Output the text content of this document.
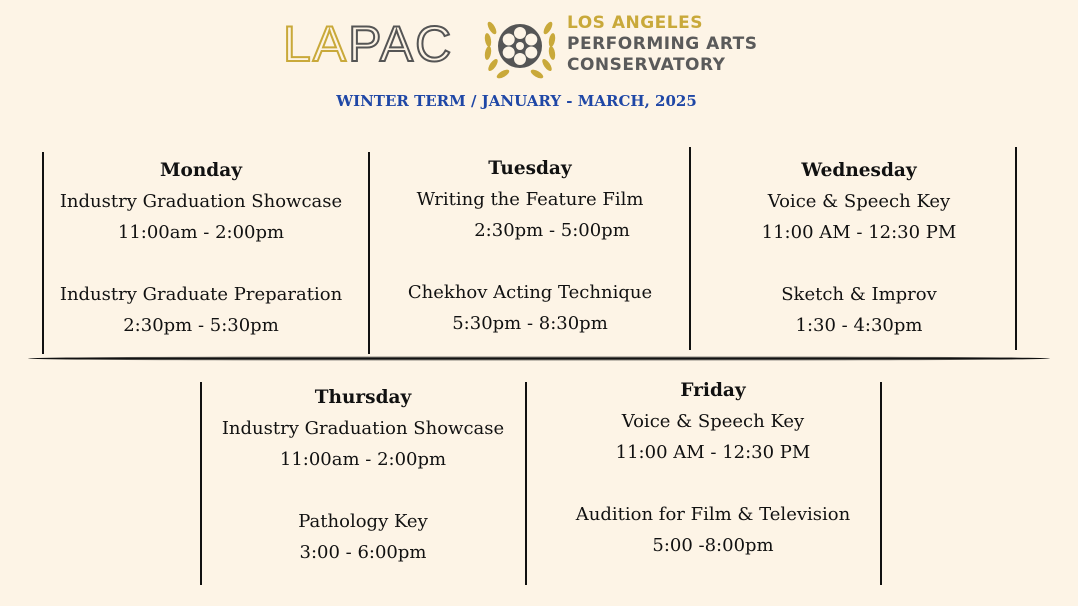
LAPAC	LOS ANGELES
PERFORMING ARTS
CONSERVATORY
WINTER TERM / JANUARY - MARCH, 2025
Monday
Industry Graduation Showcase
11:00am - 2:00pm
Industry Graduate Preparation
2:30pm - 5:30pm
Tuesday
Writing the Feature Film
2:30pm - 5:00pm
Chekhov Acting Technique
5:30pm - 8:30pm
Wednesday
Voice & Speech Key
11:00 AM - 12:30 PM
Sketch & Improv
1:30 - 4:30pm
Thursday
Industry Graduation Showcase
11:00am - 2:00pm
Pathology Key
3:00 - 6:00pm
Friday
Voice & Speech Key
11:00 AM - 12:30 PM
Audition for Film & Television
5:00 -8:00pm
